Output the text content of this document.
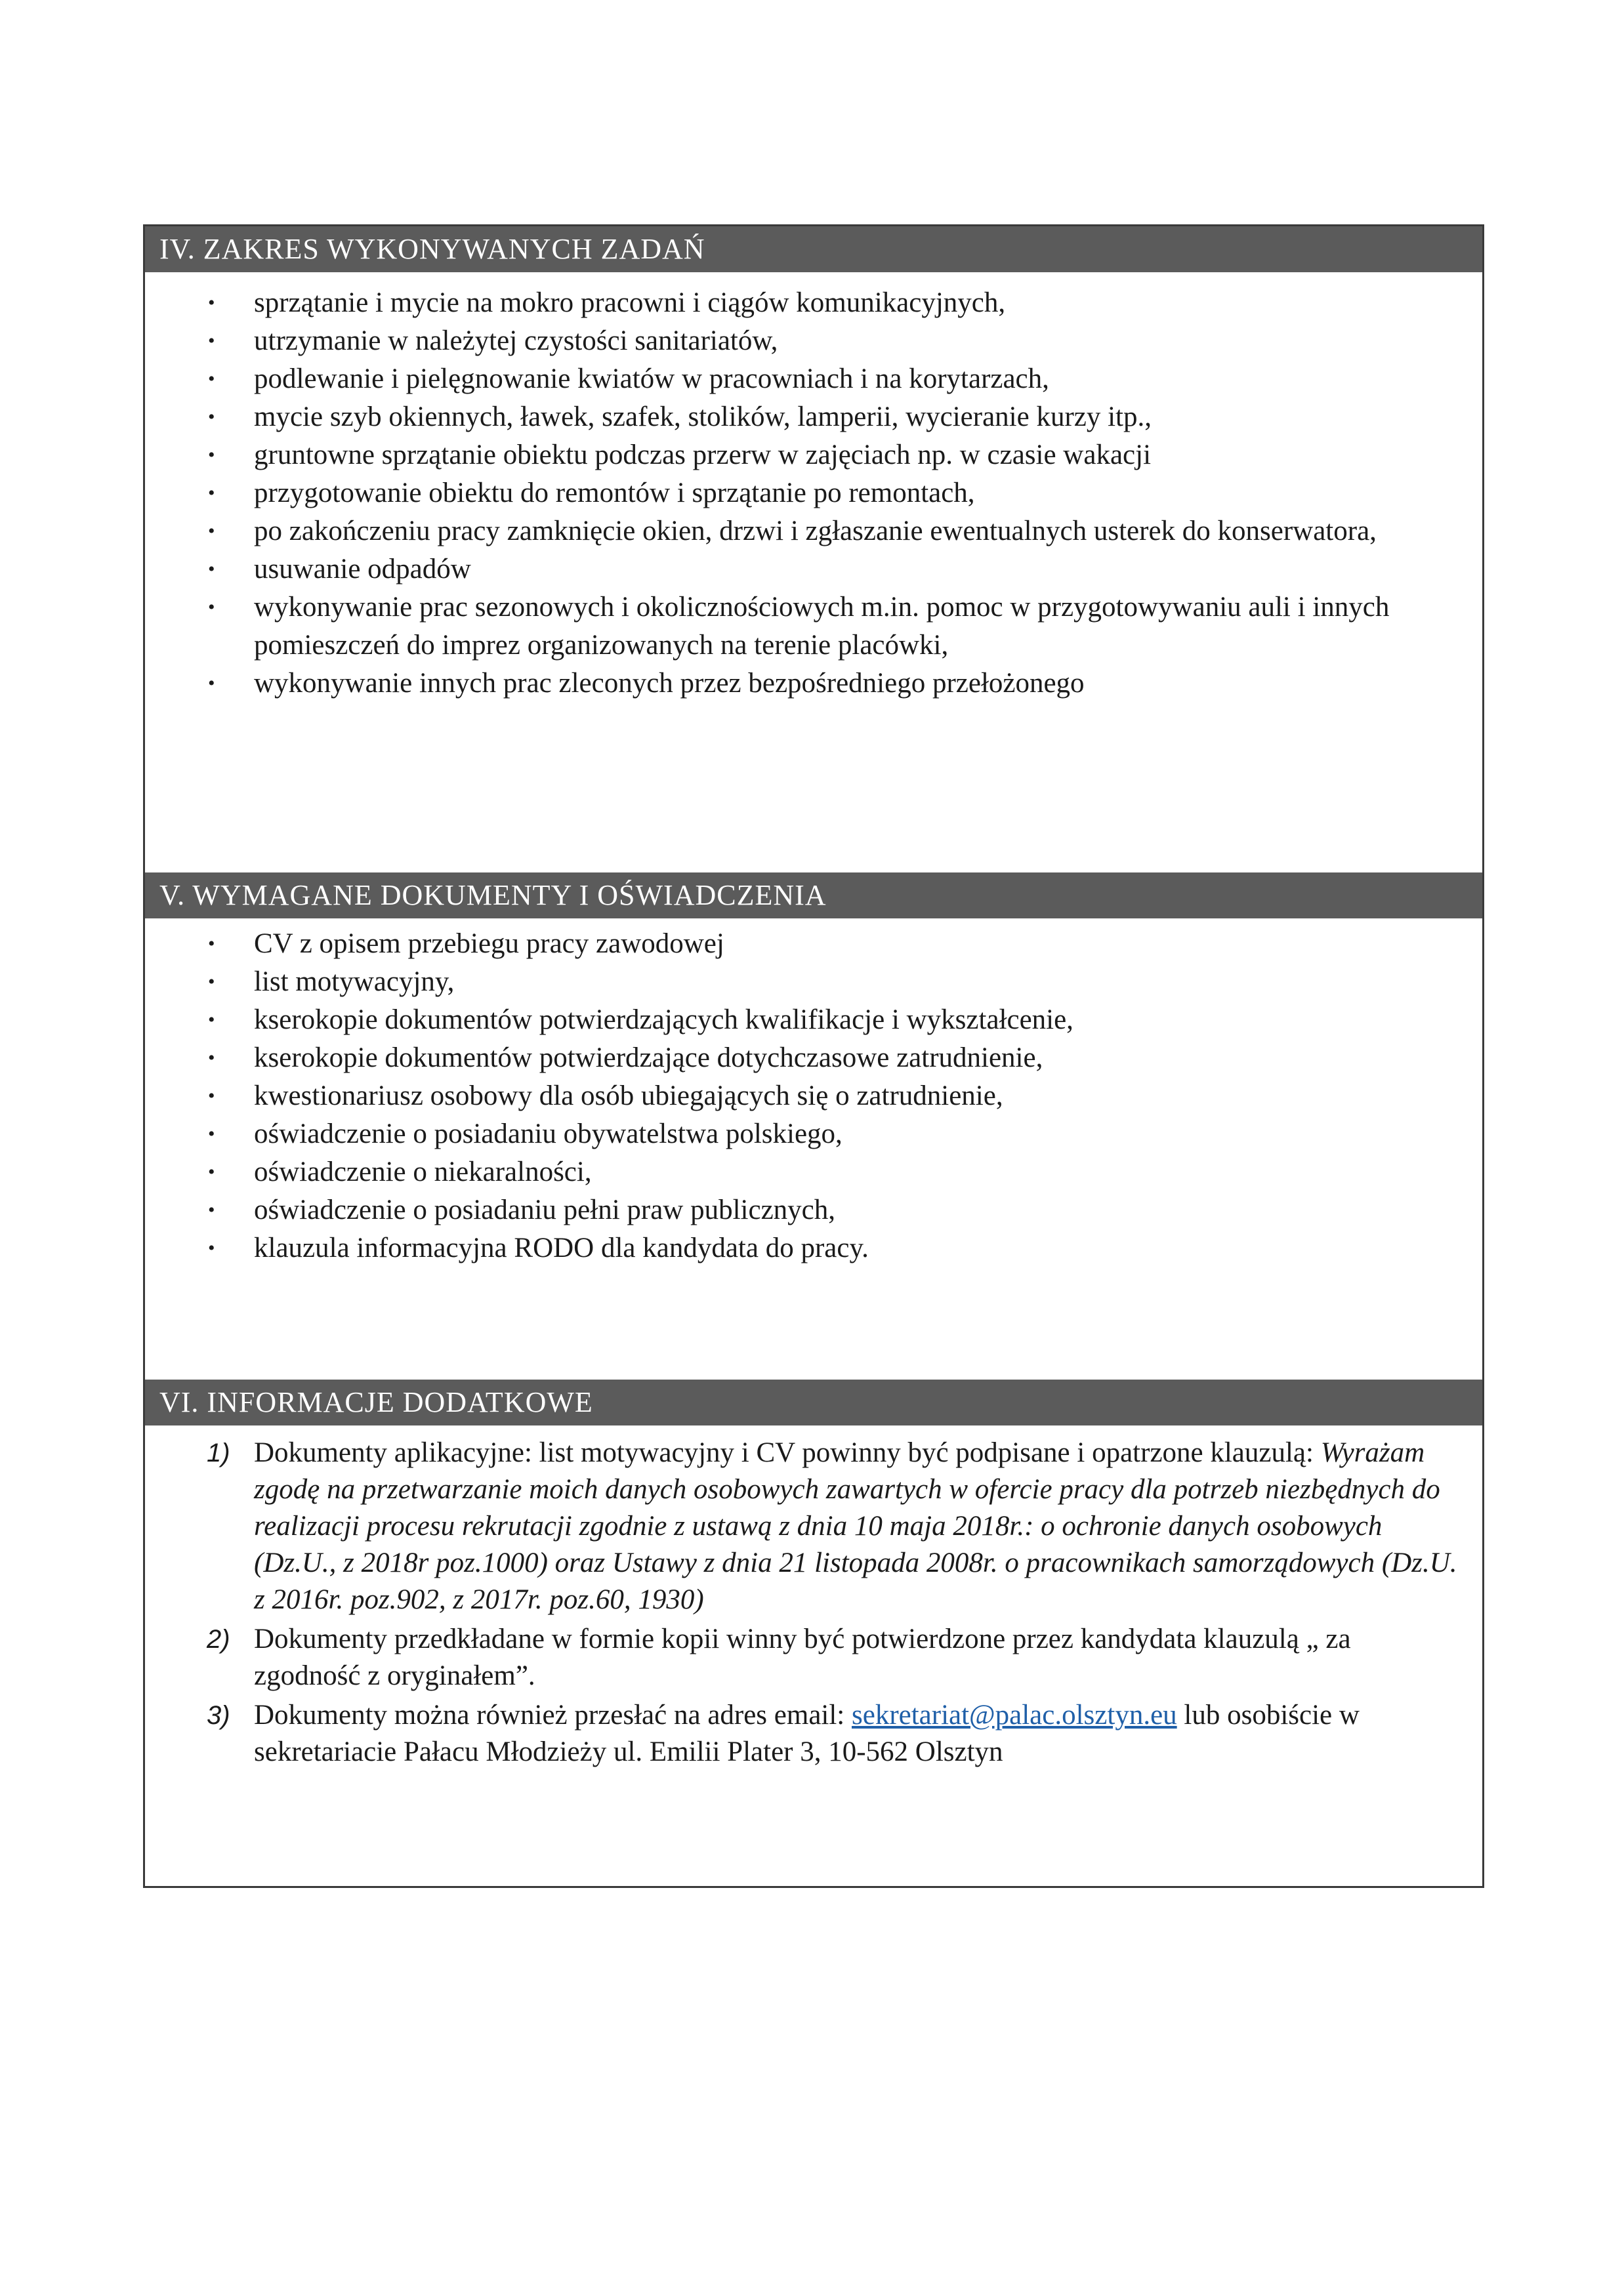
IV. ZAKRES WYKONYWANYCH ZADAŃ
• sprzątanie i mycie na mokro pracowni i ciągów komunikacyjnych,
• utrzymanie w należytej czystości sanitariatów,
• podlewanie i pielęgnowanie kwiatów w pracowniach i na korytarzach,
• mycie szyb okiennych, ławek, szafek, stolików, lamperii, wycieranie kurzy itp.,
• gruntowne sprzątanie obiektu podczas przerw w zajęciach np. w czasie wakacji
• przygotowanie obiektu do remontów i sprzątanie po remontach,
• po zakończeniu pracy zamknięcie okien, drzwi i zgłaszanie ewentualnych usterek do konserwatora,
• usuwanie odpadów
• wykonywanie prac sezonowych i okolicznościowych m.in. pomoc w przygotowywaniu auli i innych pomieszczeń do imprez organizowanych na terenie placówki,
• wykonywanie innych prac zleconych przez bezpośredniego przełożonego
V. WYMAGANE DOKUMENTY I OŚWIADCZENIA
• CV z opisem przebiegu pracy zawodowej
• list motywacyjny,
• kserokopie dokumentów potwierdzających kwalifikacje i wykształcenie,
• kserokopie dokumentów potwierdzające dotychczasowe zatrudnienie,
• kwestionariusz osobowy dla osób ubiegających się o zatrudnienie,
• oświadczenie o posiadaniu obywatelstwa polskiego,
• oświadczenie o niekaralności,
• oświadczenie o posiadaniu pełni praw publicznych,
• klauzula informacyjna RODO dla kandydata do pracy.
VI. INFORMACJE DODATKOWE
1) Dokumenty aplikacyjne: list motywacyjny i CV powinny być podpisane i opatrzone klauzulą: Wyrażam zgodę na przetwarzanie moich danych osobowych zawartych w ofercie pracy dla potrzeb niezbędnych do realizacji procesu rekrutacji zgodnie z ustawą z dnia 10 maja 2018r.: o ochronie danych osobowych (Dz.U., z 2018r poz.1000) oraz Ustawy z dnia 21 listopada 2008r. o pracownikach samorządowych (Dz.U. z 2016r. poz.902, z 2017r. poz.60, 1930)
2) Dokumenty przedkładane w formie kopii winny być potwierdzone przez kandydata klauzulą „ za zgodność z oryginałem”.
3) Dokumenty można również przesłać na adres email: sekretariat@palac.olsztyn.eu lub osobiście w sekretariacie Pałacu Młodzieży ul. Emilii Plater 3, 10-562 Olsztyn
